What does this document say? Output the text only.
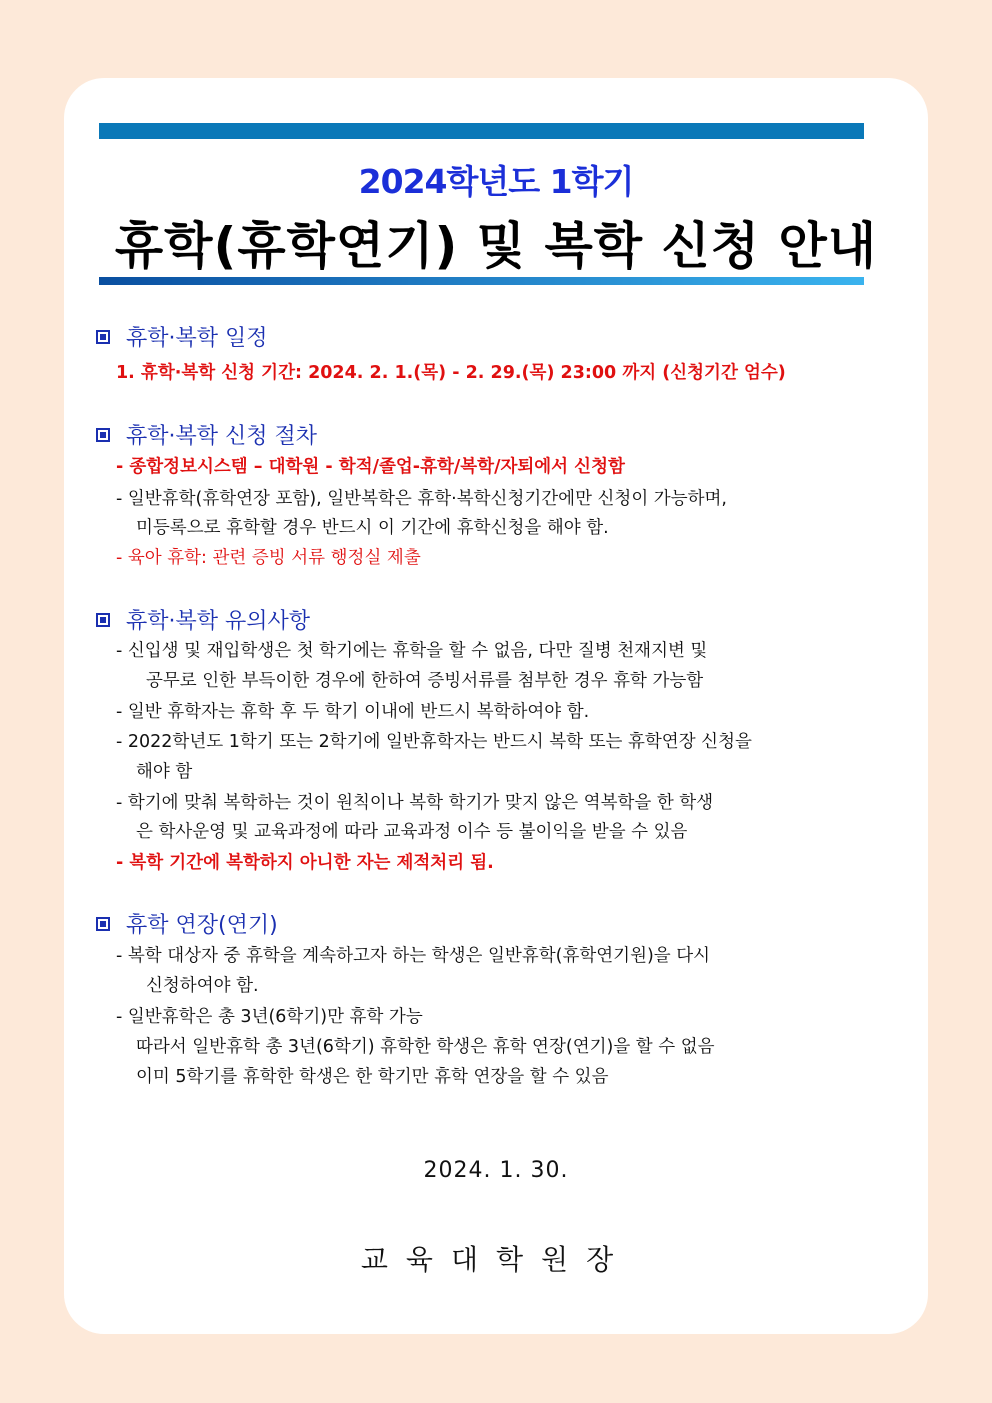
2024학년도 1학기
휴학(휴학연기) 및 복학 신청 안내
휴학·복학 일정
1. 휴학·복학 신청 기간: 2024. 2. 1.(목) - 2. 29.(목) 23:00 까지 (신청기간 엄수)
휴학·복학 신청 절차
- 종합정보시스템 – 대학원 - 학적/졸업-휴학/복학/자퇴에서 신청함
- 일반휴학(휴학연장 포함), 일반복학은 휴학·복학신청기간에만 신청이 가능하며,
미등록으로 휴학할 경우 반드시 이 기간에 휴학신청을 해야 함.
- 육아 휴학: 관련 증빙 서류 행정실 제출
휴학·복학 유의사항
- 신입생 및 재입학생은 첫 학기에는 휴학을 할 수 없음, 다만 질병 천재지변 및
공무로 인한 부득이한 경우에 한하여 증빙서류를 첨부한 경우 휴학 가능함
- 일반 휴학자는 휴학 후 두 학기 이내에 반드시 복학하여야 함.
- 2022학년도 1학기 또는 2학기에 일반휴학자는 반드시 복학 또는 휴학연장 신청을
해야 함
- 학기에 맞춰 복학하는 것이 원칙이나 복학 학기가 맞지 않은 역복학을 한 학생
은 학사운영 및 교육과정에 따라 교육과정 이수 등 불이익을 받을 수 있음
- 복학 기간에 복학하지 아니한 자는 제적처리 됨.
휴학 연장(연기)
- 복학 대상자 중 휴학을 계속하고자 하는 학생은 일반휴학(휴학연기원)을 다시
신청하여야 함.
- 일반휴학은 총 3년(6학기)만 휴학 가능
따라서 일반휴학 총 3년(6학기) 휴학한 학생은 휴학 연장(연기)을 할 수 없음
이미 5학기를 휴학한 학생은 한 학기만 휴학 연장을 할 수 있음
2024. 1. 30.
교육대학원장
